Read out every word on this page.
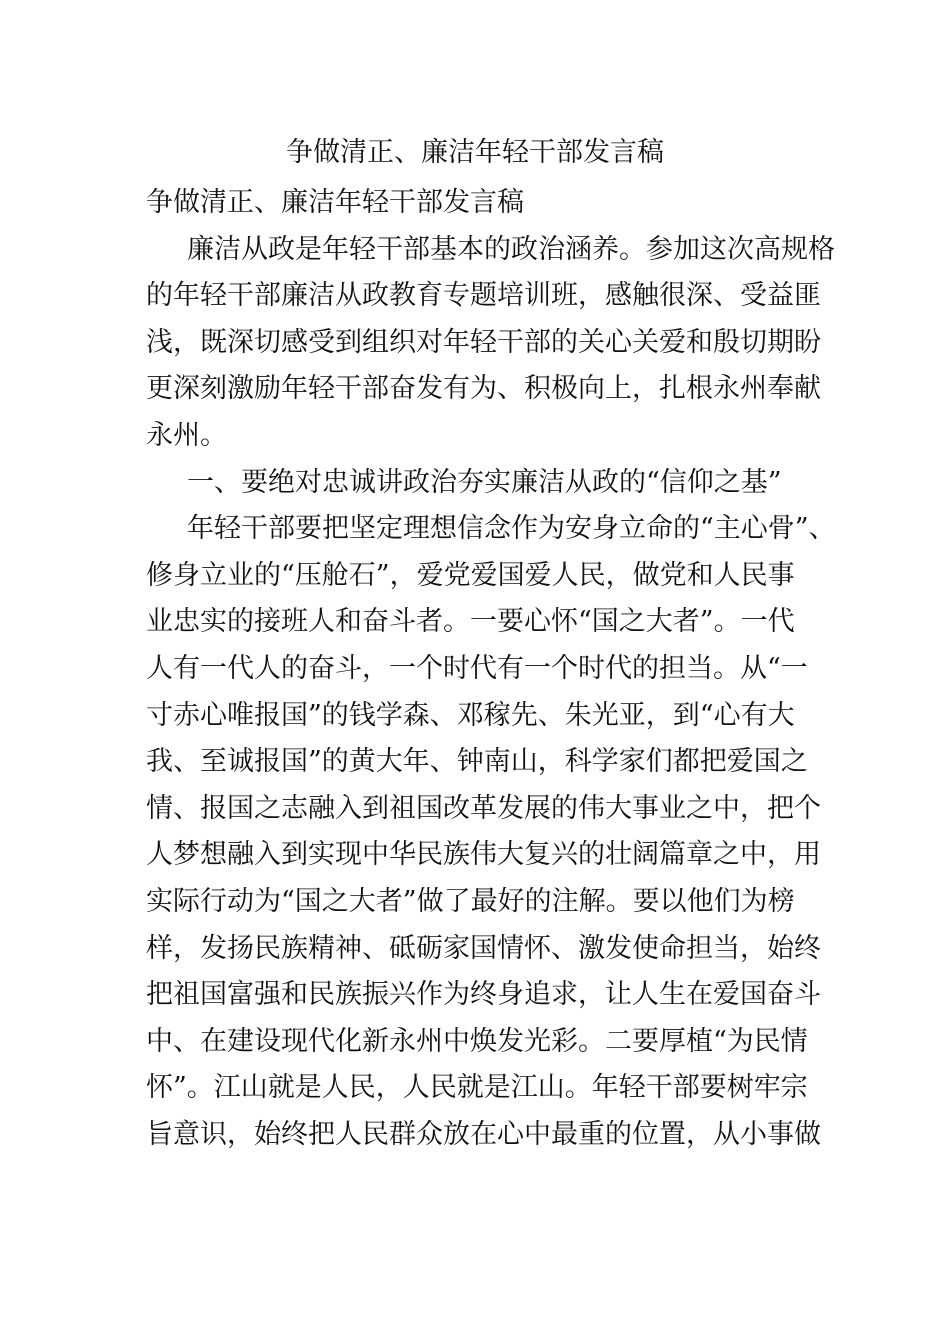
争做清正、廉洁年轻干部发言稿
争做清正、廉洁年轻干部发言稿
廉洁从政是年轻干部基本的政治涵养。参加这次高规格
的年轻干部廉洁从政教育专题培训班，感触很深、受益匪
浅，既深切感受到组织对年轻干部的关心关爱和殷切期盼
更深刻激励年轻干部奋发有为、积极向上，扎根永州奉献
永州。
一、要绝对忠诚讲政治夯实廉洁从政的“信仰之基”
年轻干部要把坚定理想信念作为安身立命的“主心骨”、
修身立业的“压舱石”，爱党爱国爱人民，做党和人民事
业忠实的接班人和奋斗者。一要心怀“国之大者”。一代
人有一代人的奋斗，一个时代有一个时代的担当。从“一
寸赤心唯报国”的钱学森、邓稼先、朱光亚，到“心有大
我、至诚报国”的黄大年、钟南山，科学家们都把爱国之
情、报国之志融入到祖国改革发展的伟大事业之中，把个
人梦想融入到实现中华民族伟大复兴的壮阔篇章之中，用
实际行动为“国之大者”做了最好的注解。要以他们为榜
样，发扬民族精神、砥砺家国情怀、激发使命担当，始终
把祖国富强和民族振兴作为终身追求，让人生在爱国奋斗
中、在建设现代化新永州中焕发光彩。二要厚植“为民情
怀”。江山就是人民，人民就是江山。年轻干部要树牢宗
旨意识，始终把人民群众放在心中最重的位置，从小事做
